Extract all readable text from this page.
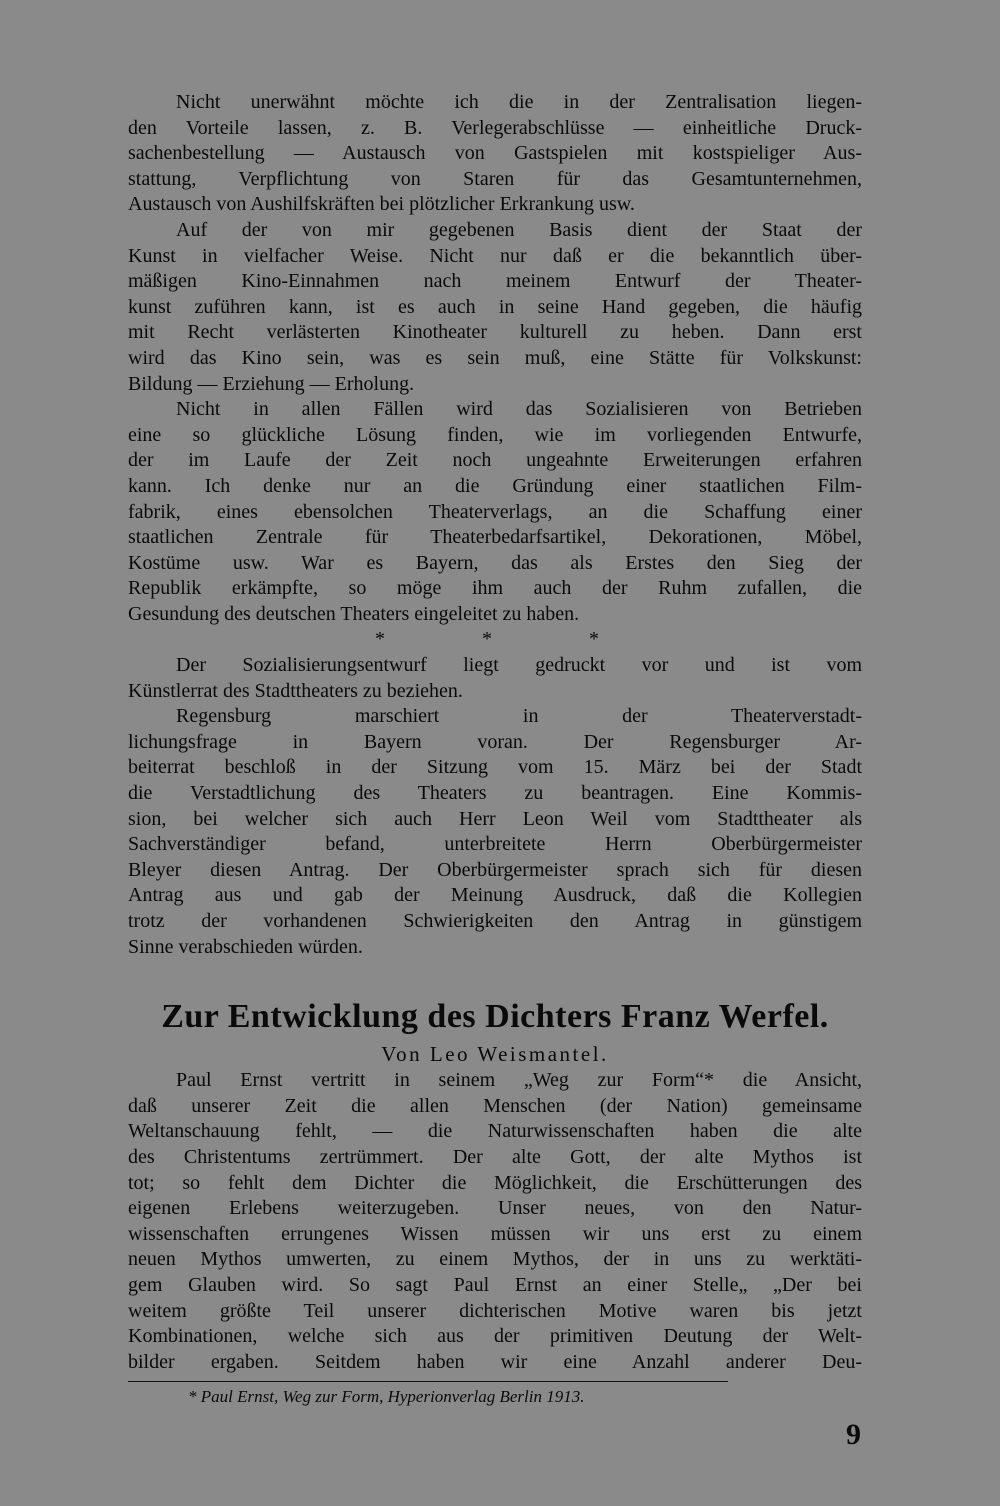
Nicht unerwähnt möchte ich die in der Zentralisation liegen-
den Vorteile lassen, z. B. Verlegerabschlüsse — einheitliche Druck-
sachenbestellung — Austausch von Gastspielen mit kostspieliger Aus-
stattung, Verpflichtung von Staren für das Gesamtunternehmen,
Austausch von Aushilfskräften bei plötzlicher Erkrankung usw.
Auf der von mir gegebenen Basis dient der Staat der
Kunst in vielfacher Weise. Nicht nur daß er die bekanntlich über-
mäßigen Kino-Einnahmen nach meinem Entwurf der Theater-
kunst zuführen kann, ist es auch in seine Hand gegeben, die häufig
mit Recht verlästerten Kinotheater kulturell zu heben. Dann erst
wird das Kino sein, was es sein muß, eine Stätte für Volkskunst:
Bildung — Erziehung — Erholung.
Nicht in allen Fällen wird das Sozialisieren von Betrieben
eine so glückliche Lösung finden, wie im vorliegenden Entwurfe,
der im Laufe der Zeit noch ungeahnte Erweiterungen erfahren
kann. Ich denke nur an die Gründung einer staatlichen Film-
fabrik, eines ebensolchen Theaterverlags, an die Schaffung einer
staatlichen Zentrale für Theaterbedarfsartikel, Dekorationen, Möbel,
Kostüme usw. War es Bayern, das als Erstes den Sieg der
Republik erkämpfte, so möge ihm auch der Ruhm zufallen, die
Gesundung des deutschen Theaters eingeleitet zu haben.
* * *
Der Sozialisierungsentwurf liegt gedruckt vor und ist vom
Künstlerrat des Stadttheaters zu beziehen.
Regensburg marschiert in der Theaterverstadt-
lichungsfrage in Bayern voran. Der Regensburger Ar-
beiterrat beschloß in der Sitzung vom 15. März bei der Stadt
die Verstadtlichung des Theaters zu beantragen. Eine Kommis-
sion, bei welcher sich auch Herr Leon Weil vom Stadttheater als
Sachverständiger befand, unterbreitete Herrn Oberbürgermeister
Bleyer diesen Antrag. Der Oberbürgermeister sprach sich für diesen
Antrag aus und gab der Meinung Ausdruck, daß die Kollegien
trotz der vorhandenen Schwierigkeiten den Antrag in günstigem
Sinne verabschieden würden.
Zur Entwicklung des Dichters Franz Werfel.
Von Leo Weismantel.
Paul Ernst vertritt in seinem „Weg zur Form“* die Ansicht,
daß unserer Zeit die allen Menschen (der Nation) gemeinsame
Weltanschauung fehlt, — die Naturwissenschaften haben die alte
des Christentums zertrümmert. Der alte Gott, der alte Mythos ist
tot; so fehlt dem Dichter die Möglichkeit, die Erschütterungen des
eigenen Erlebens weiterzugeben. Unser neues, von den Natur-
wissenschaften errungenes Wissen müssen wir uns erst zu einem
neuen Mythos umwerten, zu einem Mythos, der in uns zu werktäti-
gem Glauben wird. So sagt Paul Ernst an einer Stelle„ „Der bei
weitem größte Teil unserer dichterischen Motive waren bis jetzt
Kombinationen, welche sich aus der primitiven Deutung der Welt-
bilder ergaben. Seitdem haben wir eine Anzahl anderer Deu-
* Paul Ernst, Weg zur Form, Hyperionverlag Berlin 1913.
9
